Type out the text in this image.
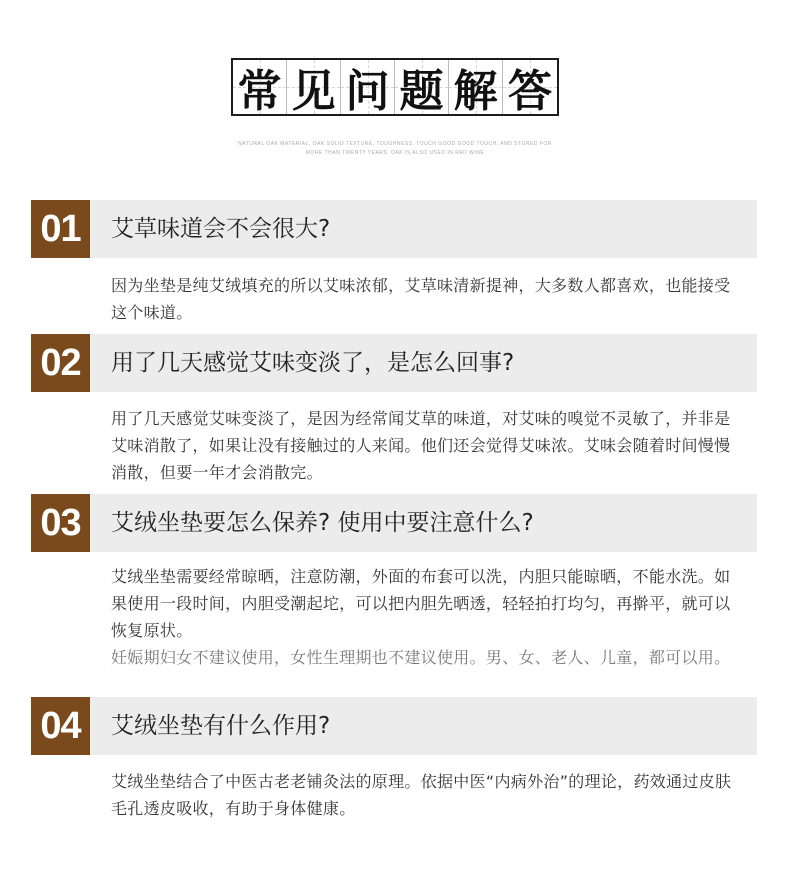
常 见 问 题 解 答
NATURAL OAK MATERIAL, OAK SOLID TEXTURE, TOUGHNESS, TOUCH GOOD GOOD TOUCH, AND STORED FOR
MORE THAN TWENTY YEARS, OAK IS ALSO USED IN RED WINE
01	艾草味道会不会很大?

因为坐垫是纯艾绒填充的所以艾味浓郁，艾草味清新提神，大多数人都喜欢，也能接受这个味道。

02	用了几天感觉艾味变淡了，是怎么回事?

用了几天感觉艾味变淡了，是因为经常闻艾草的味道，对艾味的嗅觉不灵敏了，并非是艾味消散了，如果让没有接触过的人来闻。他们还会觉得艾味浓。艾味会随着时间慢慢消散，但要一年才会消散完。

03	艾绒坐垫要怎么保养? 使用中要注意什么?

艾绒坐垫需要经常晾晒，注意防潮，外面的布套可以洗，内胆只能晾晒，不能水洗。如果使用一段时间，内胆受潮起坨，可以把内胆先晒透，轻轻拍打均匀，再擀平，就可以恢复原状。

妊娠期妇女不建议使用，女性生理期也不建议使用。男、女、老人、儿童，都可以用。

04	艾绒坐垫有什么作用?

艾绒坐垫结合了中医古老老铺灸法的原理。依据中医“内病外治”的理论，药效通过皮肤毛孔透皮吸收，有助于身体健康。
